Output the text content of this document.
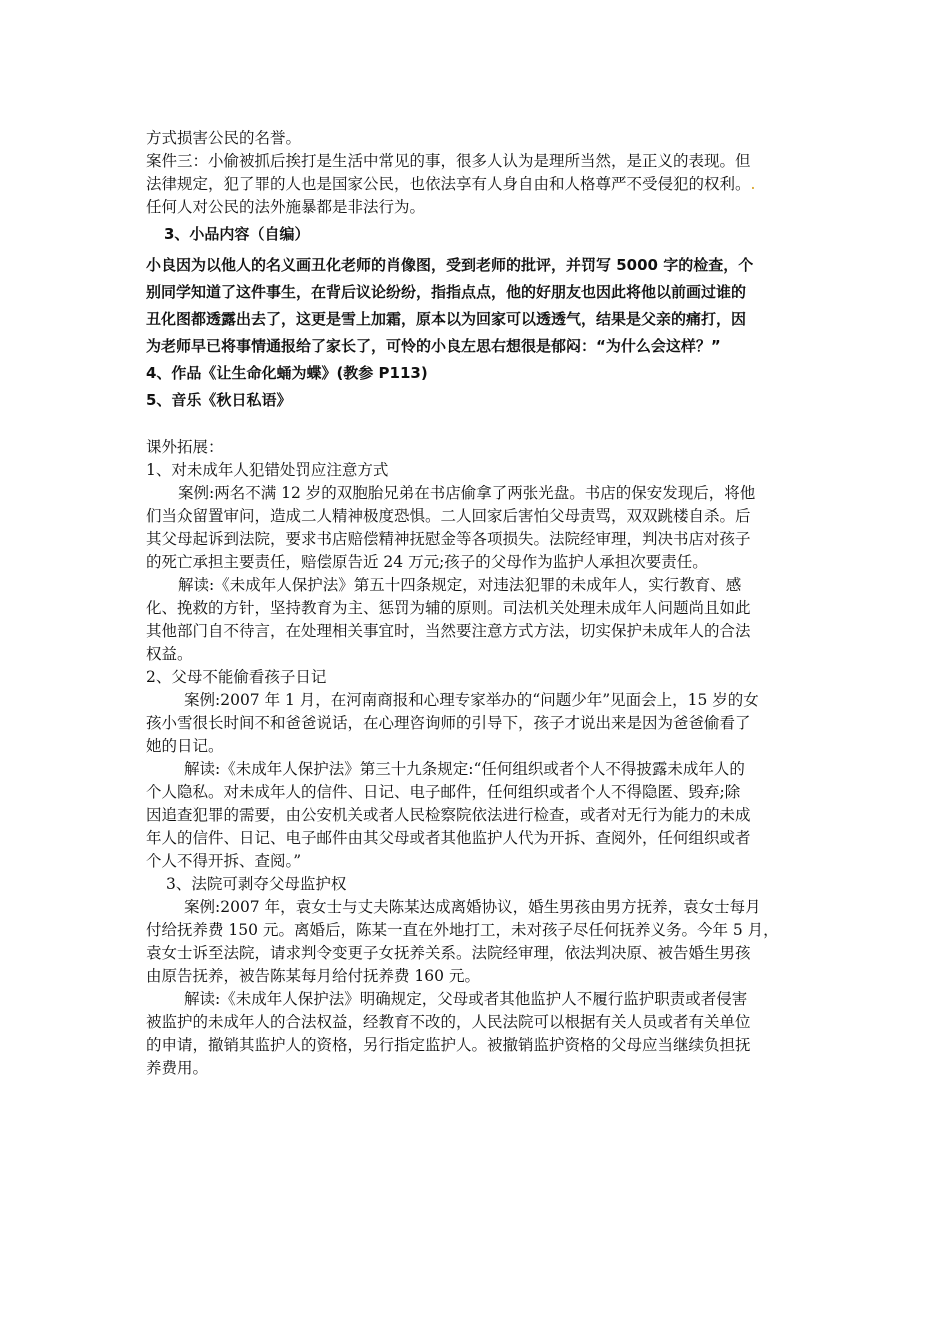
方式损害公民的名誉。

案件三：小偷被抓后挨打是生活中常见的事，很多人认为是理所当然，是正义的表现。但

法律规定，犯了罪的人也是国家公民，也依法享有人身自由和人格尊严不受侵犯的权利。.

任何人对公民的法外施暴都是非法行为。

3、小品内容（自编）

小良因为以他人的名义画丑化老师的肖像图，受到老师的批评，并罚写 5000 字的检查，个

别同学知道了这件事生，在背后议论纷纷，指指点点，他的好朋友也因此将他以前画过谁的

丑化图都透露出去了，这更是雪上加霜，原本以为回家可以透透气，结果是父亲的痛打，因

为老师早已将事情通报给了家长了，可怜的小良左思右想很是郁闷：“为什么会这样？”

4、作品《让生命化蛹为蝶》(教参 P113)

5、音乐《秋日私语》

课外拓展：

1、对未成年人犯错处罚应注意方式

案例:两名不满 12 岁的双胞胎兄弟在书店偷拿了两张光盘。书店的保安发现后，将他

们当众留置审问，造成二人精神极度恐惧。二人回家后害怕父母责骂，双双跳楼自杀。后

其父母起诉到法院，要求书店赔偿精神抚慰金等各项损失。法院经审理，判决书店对孩子

的死亡承担主要责任，赔偿原告近 24 万元;孩子的父母作为监护人承担次要责任。

解读:《未成年人保护法》第五十四条规定，对违法犯罪的未成年人，实行教育、感

化、挽救的方针，坚持教育为主、惩罚为辅的原则。司法机关处理未成年人问题尚且如此

其他部门自不待言，在处理相关事宜时，当然要注意方式方法，切实保护未成年人的合法

权益。

2、父母不能偷看孩子日记

案例:2007 年 1 月，在河南商报和心理专家举办的“问题少年”见面会上，15 岁的女

孩小雪很长时间不和爸爸说话，在心理咨询师的引导下，孩子才说出来是因为爸爸偷看了

她的日记。

解读:《未成年人保护法》第三十九条规定:“任何组织或者个人不得披露未成年人的

个人隐私。对未成年人的信件、日记、电子邮件，任何组织或者个人不得隐匿、毁弃;除

因追查犯罪的需要，由公安机关或者人民检察院依法进行检查，或者对无行为能力的未成

年人的信件、日记、电子邮件由其父母或者其他监护人代为开拆、查阅外，任何组织或者

个人不得开拆、查阅。”

3、法院可剥夺父母监护权

案例:2007 年，袁女士与丈夫陈某达成离婚协议，婚生男孩由男方抚养，袁女士每月

付给抚养费 150 元。离婚后，陈某一直在外地打工，未对孩子尽任何抚养义务。今年 5 月，

袁女士诉至法院，请求判令变更子女抚养关系。法院经审理，依法判决原、被告婚生男孩

由原告抚养，被告陈某每月给付抚养费 160 元。

解读:《未成年人保护法》明确规定，父母或者其他监护人不履行监护职责或者侵害

被监护的未成年人的合法权益，经教育不改的，人民法院可以根据有关人员或者有关单位

的申请，撤销其监护人的资格，另行指定监护人。被撤销监护资格的父母应当继续负担抚

养费用。
